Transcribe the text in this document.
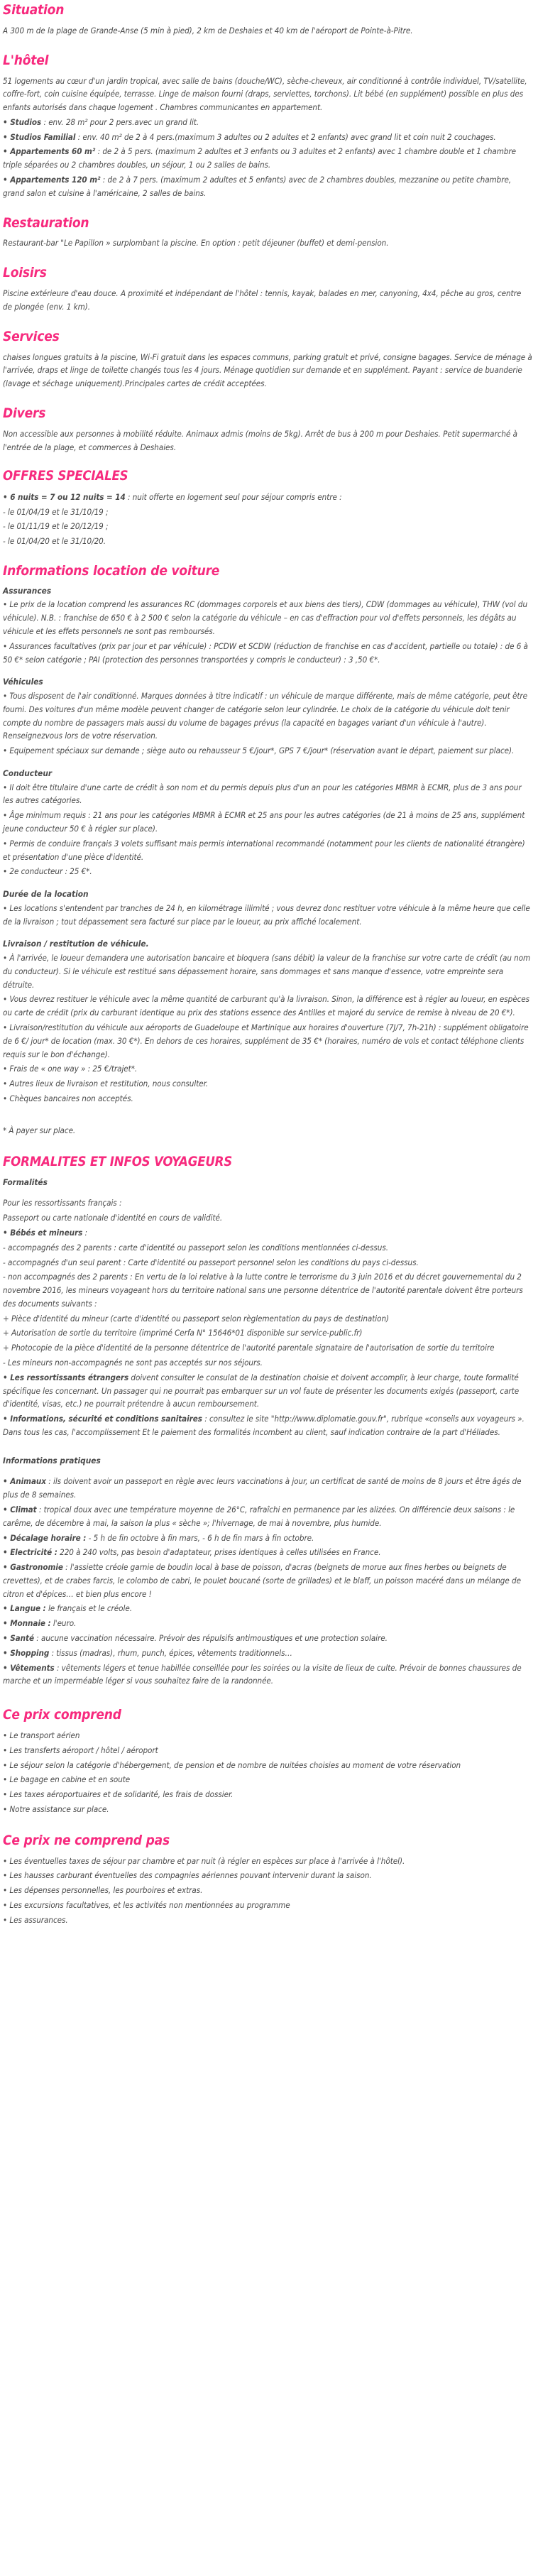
Situation

A 300 m de la plage de Grande-Anse (5 min à pied), 2 km de Deshaies et 40 km de l'aéroport de Pointe-à-Pitre.

L'hôtel

51 logements au cœur d'un jardin tropical, avec salle de bains (douche/WC), sèche-cheveux, air conditionné à contrôle individuel, TV/satellite, coffre-fort, coin cuisine équipée, terrasse. Linge de maison fourni (draps, serviettes, torchons). Lit bébé (en supplément) possible en plus des enfants autorisés dans chaque logement . Chambres communicantes en appartement.

• Studios : env. 28 m² pour 2 pers.avec un grand lit.

• Studios Familial : env. 40 m² de 2 à 4 pers.(maximum 3 adultes ou 2 adultes et 2 enfants) avec grand lit et coin nuit 2 couchages.

• Appartements 60 m² : de 2 à 5 pers. (maximum 2 adultes et 3 enfants ou 3 adultes et 2 enfants) avec 1 chambre double et 1 chambre triple séparées ou 2 chambres doubles, un séjour, 1 ou 2 salles de bains.

• Appartements 120 m² : de 2 à 7 pers. (maximum 2 adultes et 5 enfants) avec de 2 chambres doubles, mezzanine ou petite chambre, grand salon et cuisine à l'américaine, 2 salles de bains.

Restauration

Restaurant-bar "Le Papillon » surplombant la piscine. En option : petit déjeuner (buffet) et demi-pension.

Loisirs

Piscine extérieure d'eau douce. A proximité et indépendant de l'hôtel : tennis, kayak, balades en mer, canyoning, 4x4, pêche au gros, centre de plongée (env. 1 km).

Services

chaises longues gratuits à la piscine, Wi-Fi gratuit dans les espaces communs, parking gratuit et privé, consigne bagages. Service de ménage à l'arrivée, draps et linge de toilette changés tous les 4 jours. Ménage quotidien sur demande et en supplément. Payant : service de buanderie (lavage et séchage uniquement).Principales cartes de crédit acceptées.

Divers

Non accessible aux personnes à mobilité réduite. Animaux admis (moins de 5kg). Arrêt de bus à 200 m pour Deshaies. Petit supermarché à l'entrée de la plage, et commerces à Deshaies.

OFFRES SPECIALES

• 6 nuits = 7 ou 12 nuits = 14 : nuit offerte en logement seul pour séjour compris entre :

- le 01/04/19 et le 31/10/19 ;

- le 01/11/19 et le 20/12/19 ;

- le 01/04/20 et le 31/10/20.

Informations location de voiture
Assurances

• Le prix de la location comprend les assurances RC (dommages corporels et aux biens des tiers), CDW (dommages au véhicule), THW (vol du véhicule). N.B. : franchise de 650 € à 2 500 € selon la catégorie du véhicule – en cas d'effraction pour vol d'effets personnels, les dégâts au véhicule et les effets personnels ne sont pas remboursés.

• Assurances facultatives (prix par jour et par véhicule) : PCDW et SCDW (réduction de franchise en cas d'accident, partielle ou totale) : de 6 à 50 €* selon catégorie ; PAI (protection des personnes transportées y compris le conducteur) : 3 ,50 €*.

Véhicules

• Tous disposent de l'air conditionné. Marques données à titre indicatif : un véhicule de marque différente, mais de même catégorie, peut être fourni. Des voitures d'un même modèle peuvent changer de catégorie selon leur cylindrée. Le choix de la catégorie du véhicule doit tenir compte du nombre de passagers mais aussi du volume de bagages prévus (la capacité en bagages variant d'un véhicule à l'autre). Renseignezvous lors de votre réservation.

• Equipement spéciaux sur demande ; siège auto ou rehausseur 5 €/jour*, GPS 7 €/jour* (réservation avant le départ, paiement sur place).

Conducteur

• Il doit être titulaire d'une carte de crédit à son nom et du permis depuis plus d'un an pour les catégories MBMR à ECMR, plus de 3 ans pour les autres catégories.

• Âge minimum requis : 21 ans pour les catégories MBMR à ECMR et 25 ans pour les autres catégories (de 21 à moins de 25 ans, supplément jeune conducteur 50 € à régler sur place).

• Permis de conduire français 3 volets suffisant mais permis international recommandé (notamment pour les clients de nationalité étrangère) et présentation d'une pièce d'identité.

• 2e conducteur : 25 €*.

Durée de la location

• Les locations s'entendent par tranches de 24 h, en kilométrage illimité ; vous devrez donc restituer votre véhicule à la même heure que celle de la livraison ; tout dépassement sera facturé sur place par le loueur, au prix affiché localement.

Livraison / restitution de véhicule.

• À l'arrivée, le loueur demandera une autorisation bancaire et bloquera (sans débit) la valeur de la franchise sur votre carte de crédit (au nom du conducteur). Si le véhicule est restitué sans dépassement horaire, sans dommages et sans manque d'essence, votre empreinte sera détruite.

• Vous devrez restituer le véhicule avec la même quantité de carburant qu'à la livraison. Sinon, la différence est à régler au loueur, en espèces ou carte de crédit (prix du carburant identique au prix des stations essence des Antilles et majoré du service de remise à niveau de 20 €*).

• Livraison/restitution du véhicule aux aéroports de Guadeloupe et Martinique aux horaires d'ouverture (7J/7, 7h-21h) : supplément obligatoire de 6 €/ jour* de location (max. 30 €*). En dehors de ces horaires, supplément de 35 €* (horaires, numéro de vols et contact téléphone clients requis sur le bon d'échange).

• Frais de « one way » : 25 €/trajet*.

• Autres lieux de livraison et restitution, nous consulter.

• Chèques bancaires non acceptés.

* À payer sur place.

FORMALITES ET INFOS VOYAGEURS
Formalités

Pour les ressortissants français :

Passeport ou carte nationale d'identité en cours de validité.

• Bébés et mineurs :

- accompagnés des 2 parents : carte d'identité ou passeport selon les conditions mentionnées ci-dessus.

- accompagnés d'un seul parent : Carte d'identité ou passeport personnel selon les conditions du pays ci-dessus.

- non accompagnés des 2 parents : En vertu de la loi relative à la lutte contre le terrorisme du 3 juin 2016 et du décret gouvernemental du 2 novembre 2016, les mineurs voyageant hors du territoire national sans une personne détentrice de l'autorité parentale doivent être porteurs des documents suivants :

+ Pièce d'identité du mineur (carte d'identité ou passeport selon règlementation du pays de destination)

+ Autorisation de sortie du territoire (imprimé Cerfa N° 15646*01 disponible sur service-public.fr)

+ Photocopie de la pièce d'identité de la personne détentrice de l'autorité parentale signataire de l'autorisation de sortie du territoire

- Les mineurs non-accompagnés ne sont pas acceptés sur nos séjours.

• Les ressortissants étrangers doivent consulter le consulat de la destination choisie et doivent accomplir, à leur charge, toute formalité spécifique les concernant. Un passager qui ne pourrait pas embarquer sur un vol faute de présenter les documents exigés (passeport, carte d'identité, visas, etc.) ne pourrait prétendre à aucun remboursement.

• Informations, sécurité et conditions sanitaires : consultez le site "http://www.diplomatie.gouv.fr", rubrique «conseils aux voyageurs ». Dans tous les cas, l'accomplissement Et le paiement des formalités incombent au client, sauf indication contraire de la part d'Héliades.

Informations pratiques

• Animaux : ils doivent avoir un passeport en règle avec leurs vaccinations à jour, un certificat de santé de moins de 8 jours et être âgés de plus de 8 semaines.

• Climat : tropical doux avec une température moyenne de 26°C, rafraîchi en permanence par les alizées. On différencie deux saisons : le carême, de décembre à mai, la saison la plus « sèche »; l'hivernage, de mai à novembre, plus humide.

• Décalage horaire : - 5 h de fin octobre à fin mars, - 6 h de fin mars à fin octobre.

• Electricité : 220 à 240 volts, pas besoin d'adaptateur, prises identiques à celles utilisées en France.

• Gastronomie : l'assiette créole garnie de boudin local à base de poisson, d'acras (beignets de morue aux fines herbes ou beignets de crevettes), et de crabes farcis, le colombo de cabri, le poulet boucané (sorte de grillades) et le blaff, un poisson macéré dans un mélange de citron et d'épices… et bien plus encore !

• Langue : le français et le créole.

• Monnaie : l'euro.

• Santé : aucune vaccination nécessaire. Prévoir des répulsifs antimoustiques et une protection solaire.

• Shopping : tissus (madras), rhum, punch, épices, vêtements traditionnels…

• Vêtements : vêtements légers et tenue habillée conseillée pour les soirées ou la visite de lieux de culte. Prévoir de bonnes chaussures de marche et un imperméable léger si vous souhaitez faire de la randonnée.

Ce prix comprend

• Le transport aérien

• Les transferts aéroport / hôtel / aéroport

• Le séjour selon la catégorie d'hébergement, de pension et de nombre de nuitées choisies au moment de votre réservation

• Le bagage en cabine et en soute

• Les taxes aéroportuaires et de solidarité, les frais de dossier.

• Notre assistance sur place.

Ce prix ne comprend pas

• Les éventuelles taxes de séjour par chambre et par nuit (à régler en espèces sur place à l'arrivée à l'hôtel).

• Les hausses carburant éventuelles des compagnies aériennes pouvant intervenir durant la saison.

• Les dépenses personnelles, les pourboires et extras.

• Les excursions facultatives, et les activités non mentionnées au programme

• Les assurances.
